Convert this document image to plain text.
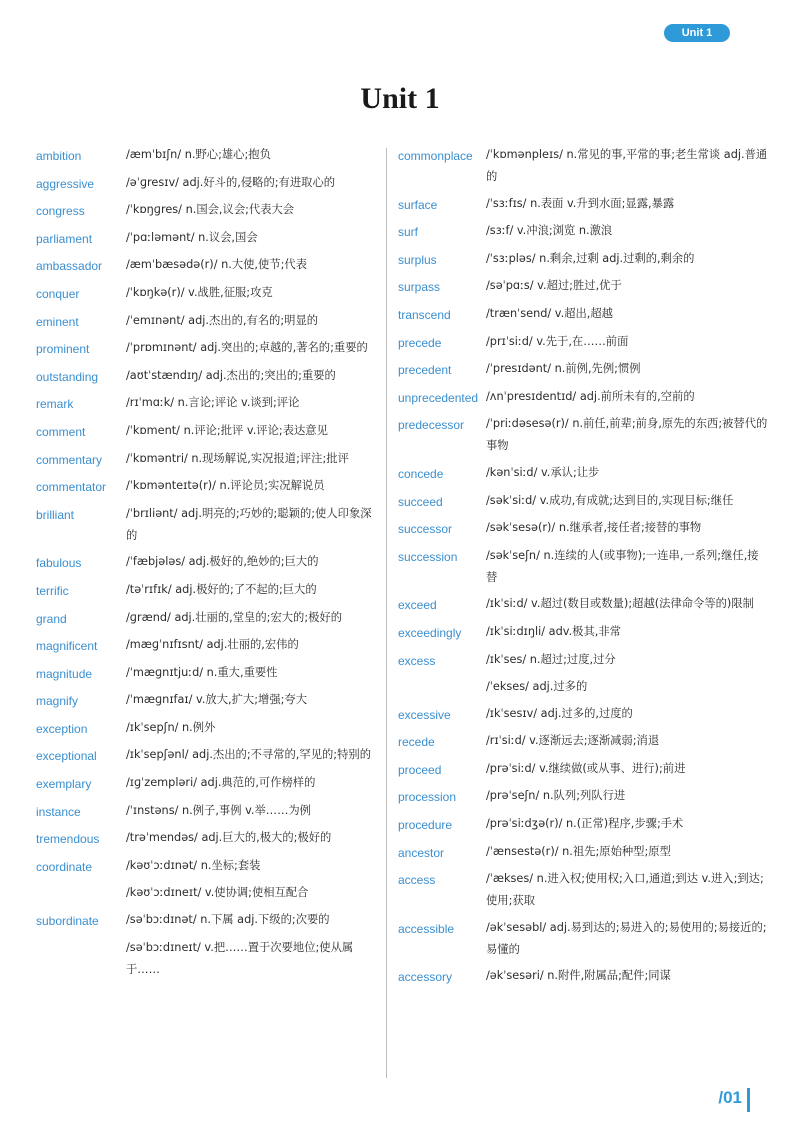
Unit 1
Unit 1
ambition	/æmˈbɪʃn/ n.野心;雄心;抱负
aggressive	/əˈɡresɪv/ adj.好斗的,侵略的;有进取心的
congress	/ˈkɒŋɡres/ n.国会,议会;代表大会
parliament	/ˈpɑːləmənt/ n.议会,国会
ambassador	/æmˈbæsədə(r)/ n.大使,使节;代表
conquer	/ˈkɒŋkə(r)/ v.战胜,征服;攻克
eminent	/ˈemɪnənt/ adj.杰出的,有名的;明显的
prominent	/ˈprɒmɪnənt/ adj.突出的;卓越的,著名的;重要的
outstanding	/aʊtˈstændɪŋ/ adj.杰出的;突出的;重要的
remark	/rɪˈmɑːk/ n.言论;评论 v.谈到;评论
comment	/ˈkɒment/ n.评论;批评 v.评论;表达意见
commentary	/ˈkɒməntri/ n.现场解说,实况报道;评注;批评
commentator	/ˈkɒmənteɪtə(r)/ n.评论员;实况解说员
brilliant	/ˈbrɪliənt/ adj.明亮的;巧妙的;聪颖的;使人印象深的
fabulous	/ˈfæbjələs/ adj.极好的,绝妙的;巨大的
terrific	/təˈrɪfɪk/ adj.极好的;了不起的;巨大的
grand	/ɡrænd/ adj.壮丽的,堂皇的;宏大的;极好的
magnificent	/mæɡˈnɪfɪsnt/ adj.壮丽的,宏伟的
magnitude	/ˈmæɡnɪtjuːd/ n.重大,重要性
magnify	/ˈmæɡnɪfaɪ/ v.放大,扩大;增强;夸大
exception	/ɪkˈsepʃn/ n.例外
exceptional	/ɪkˈsepʃənl/ adj.杰出的;不寻常的,罕见的;特别的
exemplary	/ɪɡˈzempləri/ adj.典范的,可作榜样的
instance	/ˈɪnstəns/ n.例子,事例 v.举……为例
tremendous	/trəˈmendəs/ adj.巨大的,极大的;极好的
coordinate	/kəʊˈɔːdɪnət/ n.坐标;套装
/kəʊˈɔːdɪneɪt/ v.使协调;使相互配合
subordinate	/səˈbɔːdɪnət/ n.下属 adj.下级的;次要的
/səˈbɔːdɪneɪt/ v.把……置于次要地位;使从属于……
commonplace	/ˈkɒmənpleɪs/ n.常见的事,平常的事;老生常谈 adj.普通的
surface	/ˈsɜːfɪs/ n.表面 v.升到水面;显露,暴露
surf	/sɜːf/ v.冲浪;浏览 n.激浪
surplus	/ˈsɜːpləs/ n.剩余,过剩 adj.过剩的,剩余的
surpass	/səˈpɑːs/ v.超过;胜过,优于
transcend	/trænˈsend/ v.超出,超越
precede	/prɪˈsiːd/ v.先于,在……前面
precedent	/ˈpresɪdənt/ n.前例,先例;惯例
unprecedented /ʌnˈpresɪdentɪd/ adj.前所未有的,空前的
predecessor	/ˈpriːdəsesə(r)/ n.前任,前辈;前身,原先的东西;被替代的事物
concede	/kənˈsiːd/ v.承认;让步
succeed	/səkˈsiːd/ v.成功,有成就;达到目的,实现目标;继任
successor	/səkˈsesə(r)/ n.继承者,接任者;接替的事物
succession	/səkˈseʃn/ n.连续的人(或事物);一连串,一系列;继任,接替
exceed	/ɪkˈsiːd/ v.超过(数目或数量);超越(法律命令等的)限制
exceedingly	/ɪkˈsiːdɪŋli/ adv.极其,非常
excess	/ɪkˈses/ n.超过;过度,过分
/ˈekses/ adj.过多的
excessive	/ɪkˈsesɪv/ adj.过多的,过度的
recede	/rɪˈsiːd/ v.逐渐远去;逐渐减弱;消退
proceed	/prəˈsiːd/ v.继续做(或从事、进行);前进
procession	/prəˈseʃn/ n.队列;列队行进
procedure	/prəˈsiːdʒə(r)/ n.(正常)程序,步骤;手术
ancestor	/ˈænsestə(r)/ n.祖先;原始种型;原型
access	/ˈækses/ n.进入权;使用权;入口,通道;到达 v.进入;到达;使用;获取
accessible	/əkˈsesəbl/ adj.易到达的;易进入的;易使用的;易接近的;易懂的
accessory	/əkˈsesəri/ n.附件,附属品;配件;同谋
/01
